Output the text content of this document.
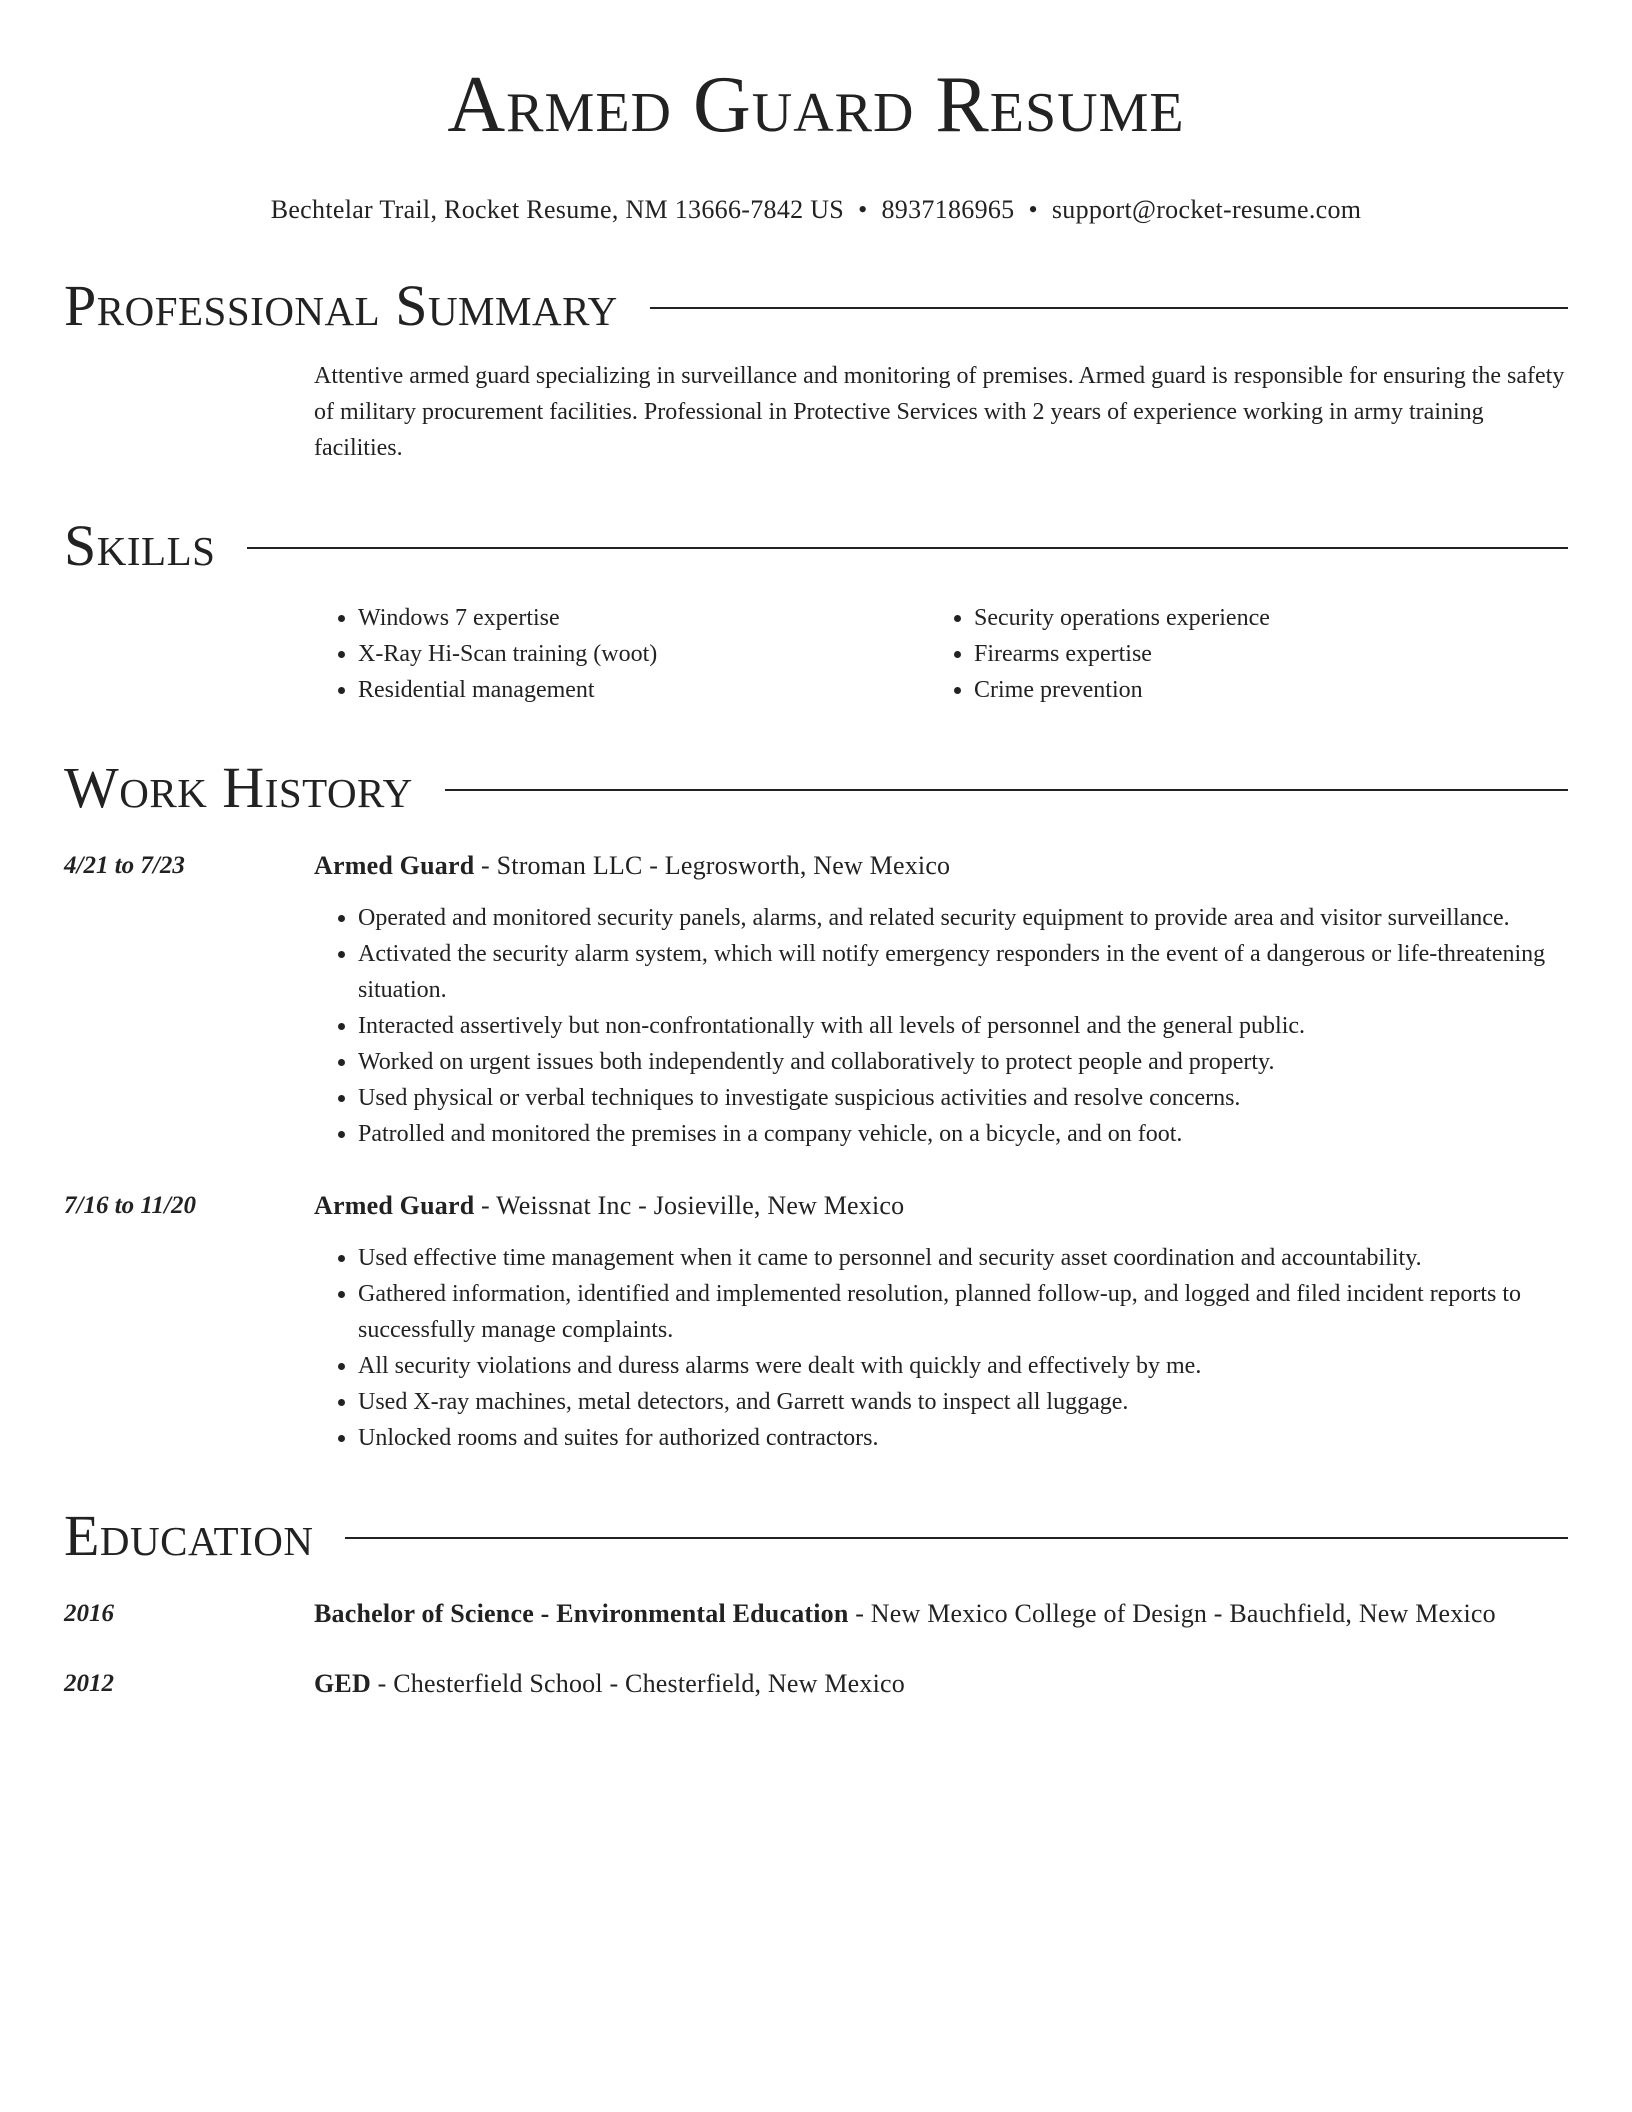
Armed Guard Resume
Bechtelar Trail, Rocket Resume, NM 13666-7842 US • 8937186965 • support@rocket-resume.com
Professional Summary
Attentive armed guard specializing in surveillance and monitoring of premises. Armed guard is responsible for ensuring the safety of military procurement facilities. Professional in Protective Services with 2 years of experience working in army training facilities.
Skills
• Windows 7 expertise
• X-Ray Hi-Scan training (woot)
• Residential management
• Security operations experience
• Firearms expertise
• Crime prevention
Work History
4/21 to 7/23	Armed Guard - Stroman LLC - Legrosworth, New Mexico
• Operated and monitored security panels, alarms, and related security equipment to provide area and visitor surveillance.
• Activated the security alarm system, which will notify emergency responders in the event of a dangerous or life-threatening situation.
• Interacted assertively but non-confrontationally with all levels of personnel and the general public.
• Worked on urgent issues both independently and collaboratively to protect people and property.
• Used physical or verbal techniques to investigate suspicious activities and resolve concerns.
• Patrolled and monitored the premises in a company vehicle, on a bicycle, and on foot.
7/16 to 11/20	Armed Guard - Weissnat Inc - Josieville, New Mexico
• Used effective time management when it came to personnel and security asset coordination and accountability.
• Gathered information, identified and implemented resolution, planned follow-up, and logged and filed incident reports to successfully manage complaints.
• All security violations and duress alarms were dealt with quickly and effectively by me.
• Used X-ray machines, metal detectors, and Garrett wands to inspect all luggage.
• Unlocked rooms and suites for authorized contractors.
Education
2016	Bachelor of Science - Environmental Education - New Mexico College of Design - Bauchfield, New Mexico
2012	GED - Chesterfield School - Chesterfield, New Mexico
